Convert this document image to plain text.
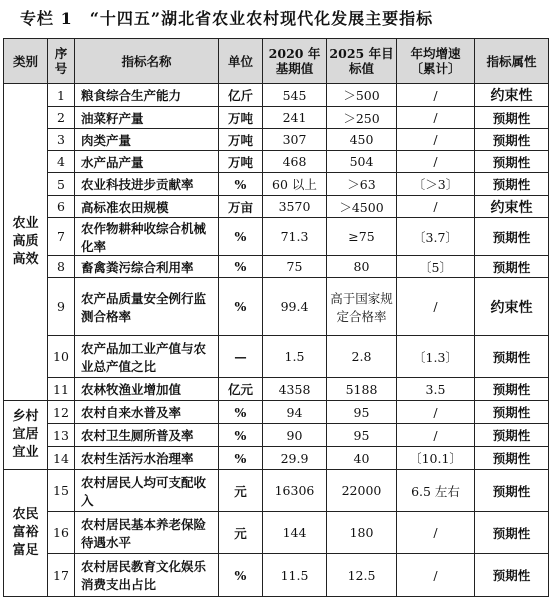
专栏 1　“十四五”湖北省农业农村现代化发展主要指标
类别	序号	指标名称	单位	2020 年基期值	2025 年目标值	年均增速〔累计〕	指标属性
农业高质高效	1	粮食综合生产能力	亿斤	545	＞500	/	约束性
	2	油菜籽产量	万吨	241	＞250	/	预期性
	3	肉类产量	万吨	307	450	/	预期性
	4	水产品产量	万吨	468	504	/	预期性
	5	农业科技进步贡献率	%	60 以上	＞63	〔＞3〕	预期性
	6	高标准农田规模	万亩	3570	＞4500	/	约束性
	7	农作物耕种收综合机械化率	%	71.3	≥75	〔3.7〕	预期性
	8	畜禽粪污综合利用率	%	75	80	〔5〕	预期性
	9	农产品质量安全例行监测合格率	%	99.4	高于国家规定合格率	/	约束性
	10	农产品加工业产值与农业总产值之比	—	1.5	2.8	〔1.3〕	预期性
	11	农林牧渔业增加值	亿元	4358	5188	3.5	预期性
乡村宜居宜业	12	农村自来水普及率	%	94	95	/	预期性
	13	农村卫生厕所普及率	%	90	95	/	预期性
	14	农村生活污水治理率	%	29.9	40	〔10.1〕	预期性
农民富裕富足	15	农村居民人均可支配收入	元	16306	22000	6.5 左右	预期性
	16	农村居民基本养老保险待遇水平	元	144	180	/	预期性
	17	农村居民教育文化娱乐消费支出占比	%	11.5	12.5	/	预期性
